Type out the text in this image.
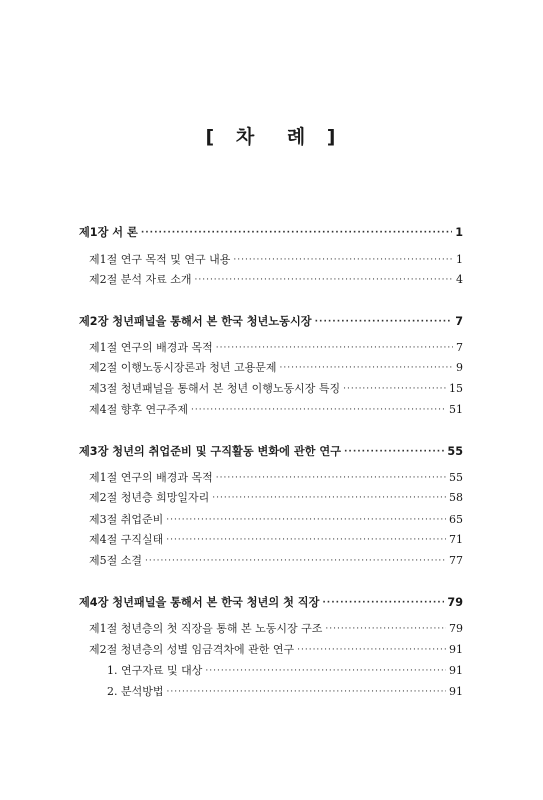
[ 차 례 ]
제1장 서 론 ·····	1
제1절 연구 목적 및 연구 내용 ·····	1
제2절 분석 자료 소개 ·····	4
제2장 청년패널을 통해서 본 한국 청년노동시장 ·····	7
제1절 연구의 배경과 목적 ·····	7
제2절 이행노동시장론과 청년 고용문제 ·····	9
제3절 청년패널을 통해서 본 청년 이행노동시장 특징 ·····	15
제4절 향후 연구주제 ·····	51
제3장 청년의 취업준비 및 구직활동 변화에 관한 연구 ·····	55
제1절 연구의 배경과 목적 ·····	55
제2절 청년층 희망일자리 ·····	58
제3절 취업준비 ·····	65
제4절 구직실태 ·····	71
제5절 소결 ·····	77
제4장 청년패널을 통해서 본 한국 청년의 첫 직장 ·····	79
제1절 청년층의 첫 직장을 통해 본 노동시장 구조 ·····	79
제2절 청년층의 성별 임금격차에 관한 연구 ·····	91
1. 연구자료 및 대상 ·····	91
2. 분석방법 ·····	91
